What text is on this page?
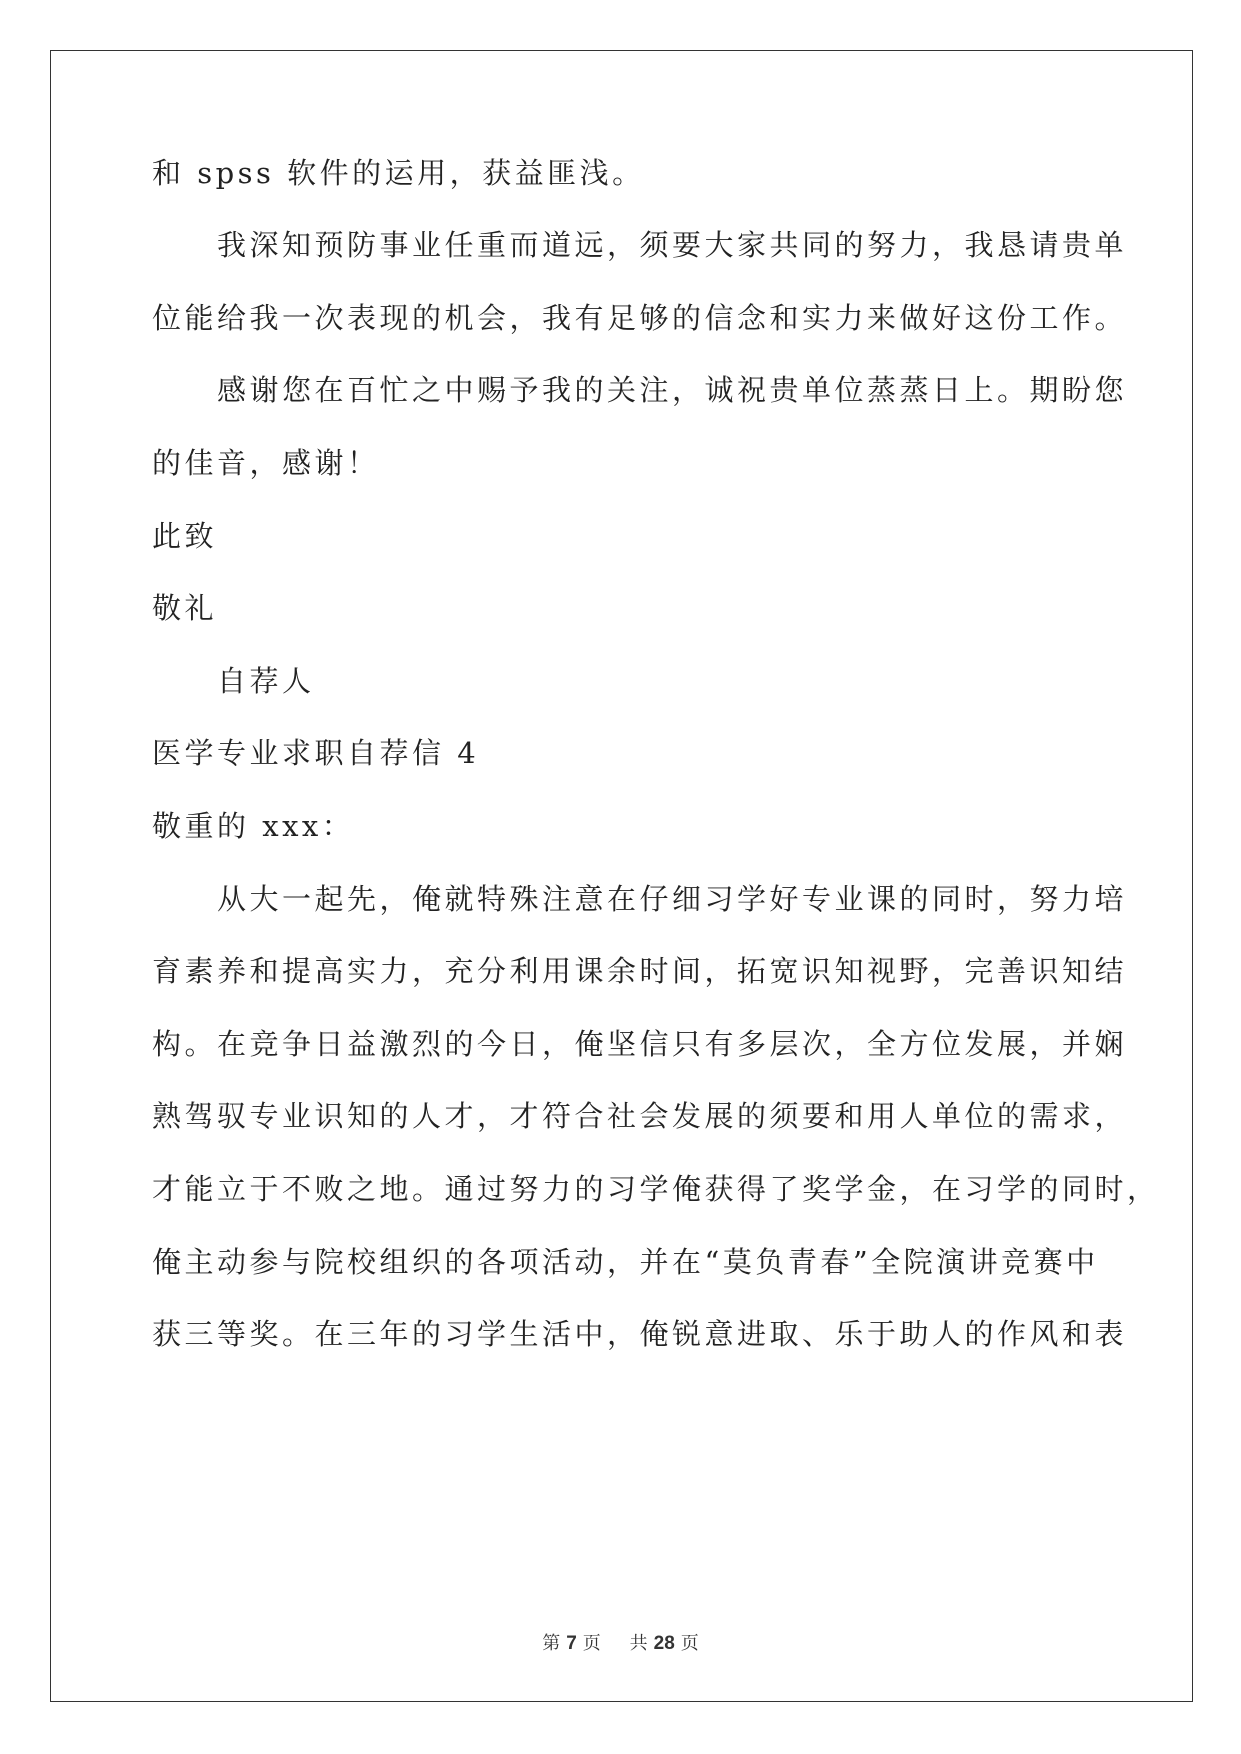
和 spss 软件的运用，获益匪浅。
我深知预防事业任重而道远，须要大家共同的努力，我恳请贵单
位能给我一次表现的机会，我有足够的信念和实力来做好这份工作。
感谢您在百忙之中赐予我的关注，诚祝贵单位蒸蒸日上。期盼您
的佳音，感谢！
此致
敬礼
自荐人
医学专业求职自荐信 4
敬重的 xxx：
从大一起先，俺就特殊注意在仔细习学好专业课的同时，努力培
育素养和提高实力，充分利用课余时间，拓宽识知视野，完善识知结
构。在竞争日益激烈的今日，俺坚信只有多层次，全方位发展，并娴
熟驾驭专业识知的人才，才符合社会发展的须要和用人单位的需求，
才能立于不败之地。通过努力的习学俺获得了奖学金，在习学的同时，
俺主动参与院校组织的各项活动，并在“莫负青春”全院演讲竞赛中
获三等奖。在三年的习学生活中，俺锐意进取、乐于助人的作风和表
第 7 页 共 28 页
